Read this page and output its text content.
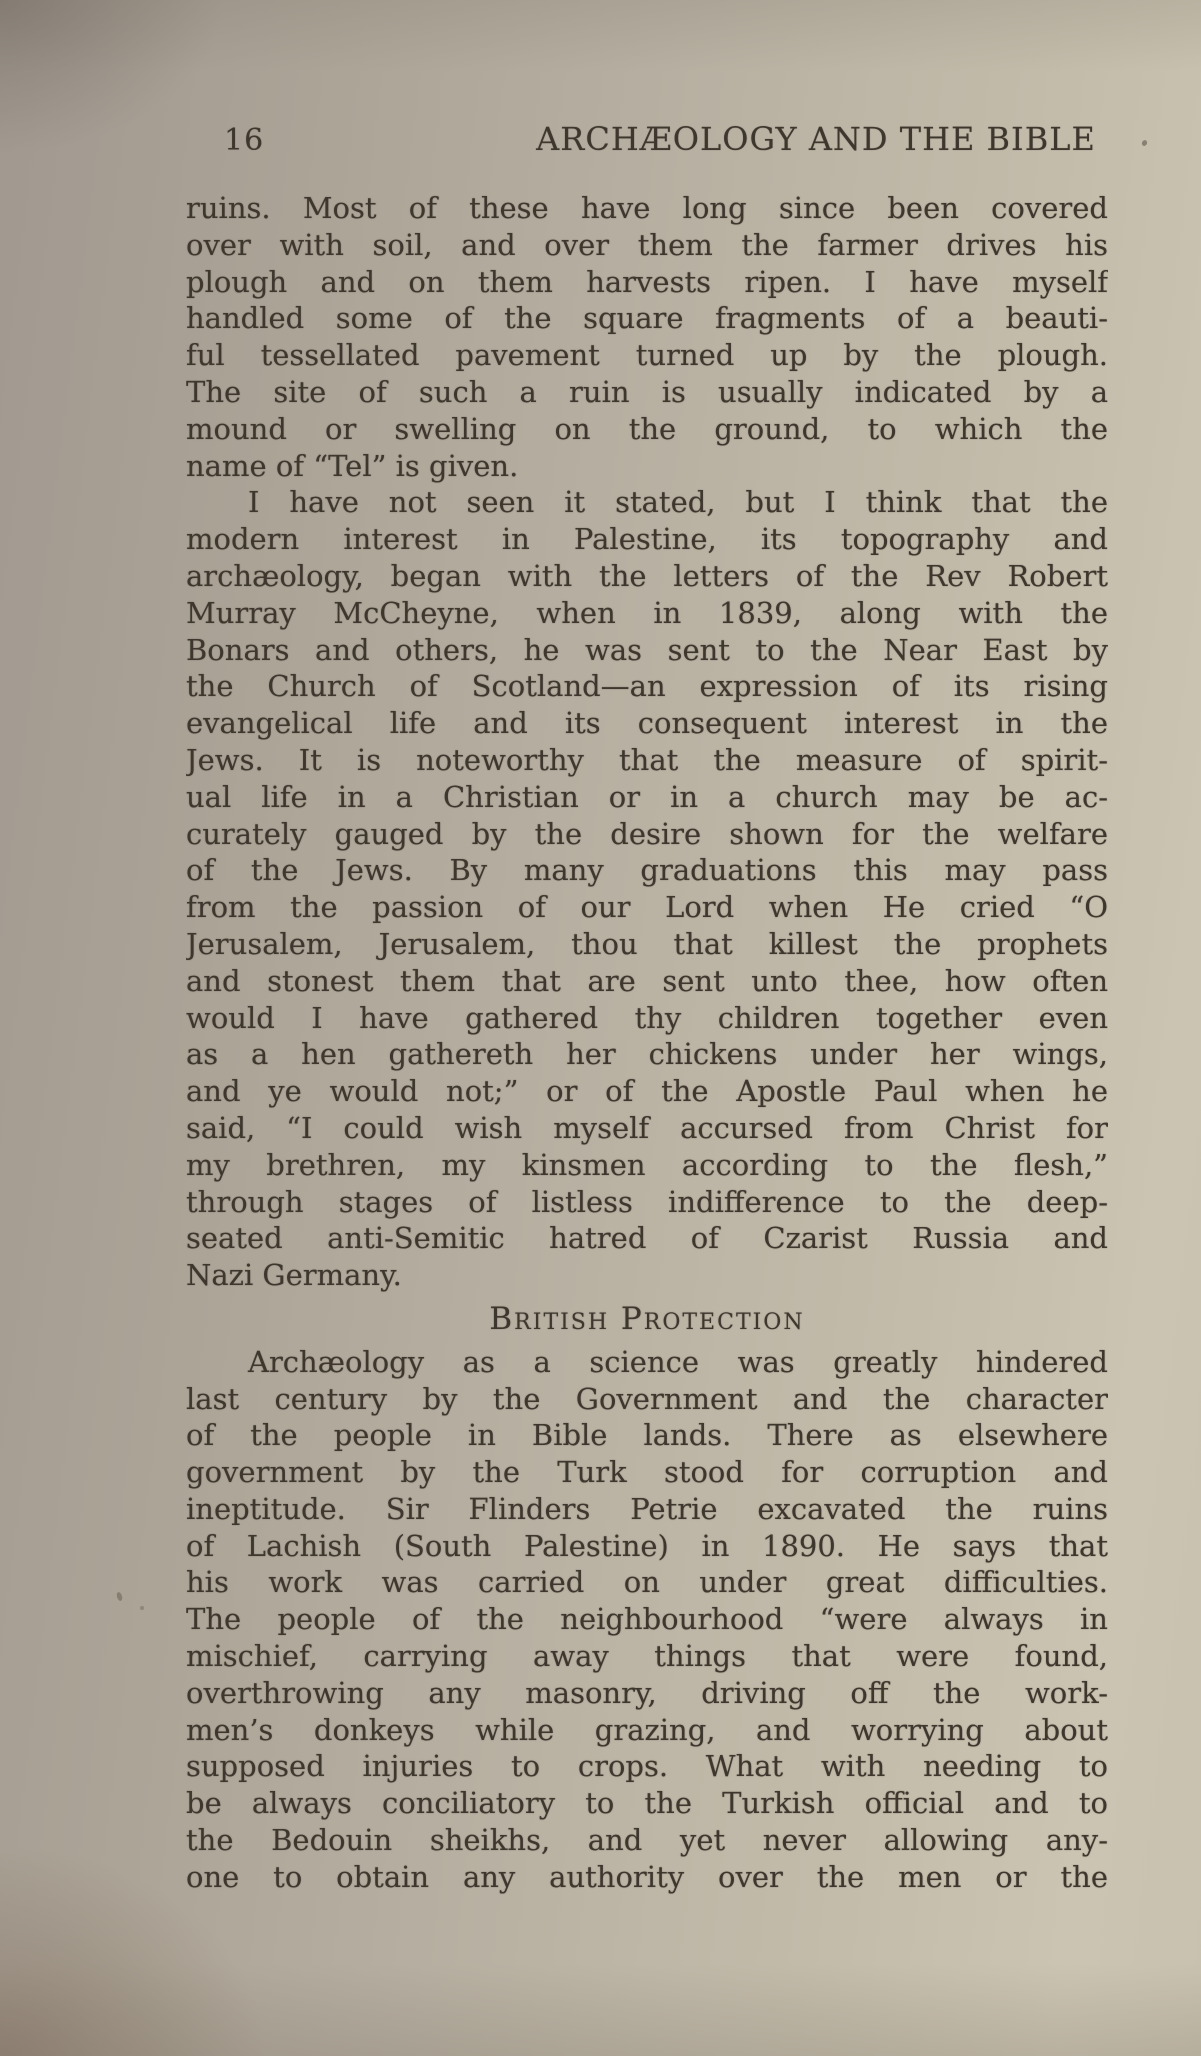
16	ARCHÆOLOGY AND THE BIBLE
ruins. Most of these have long since been covered
over with soil, and over them the farmer drives his
plough and on them harvests ripen. I have myself
handled some of the square fragments of a beauti-
ful tessellated pavement turned up by the plough.
The site of such a ruin is usually indicated by a
mound or swelling on the ground, to which the
name of “Tel” is given.
I have not seen it stated, but I think that the
modern interest in Palestine, its topography and
archæology, began with the letters of the Rev Robert
Murray McCheyne, when in 1839, along with the
Bonars and others, he was sent to the Near East by
the Church of Scotland—an expression of its rising
evangelical life and its consequent interest in the
Jews. It is noteworthy that the measure of spirit-
ual life in a Christian or in a church may be ac-
curately gauged by the desire shown for the welfare
of the Jews. By many graduations this may pass
from the passion of our Lord when He cried “O
Jerusalem, Jerusalem, thou that killest the prophets
and stonest them that are sent unto thee, how often
would I have gathered thy children together even
as a hen gathereth her chickens under her wings,
and ye would not;” or of the Apostle Paul when he
said, “I could wish myself accursed from Christ for
my brethren, my kinsmen according to the flesh,”
through stages of listless indifference to the deep-
seated anti-Semitic hatred of Czarist Russia and
Nazi Germany.
British Protection
Archæology as a science was greatly hindered
last century by the Government and the character
of the people in Bible lands. There as elsewhere
government by the Turk stood for corruption and
ineptitude. Sir Flinders Petrie excavated the ruins
of Lachish (South Palestine) in 1890. He says that
his work was carried on under great difficulties.
The people of the neighbourhood “were always in
mischief, carrying away things that were found,
overthrowing any masonry, driving off the work-
men’s donkeys while grazing, and worrying about
supposed injuries to crops. What with needing to
be always conciliatory to the Turkish official and to
the Bedouin sheikhs, and yet never allowing any-
one to obtain any authority over the men or the
